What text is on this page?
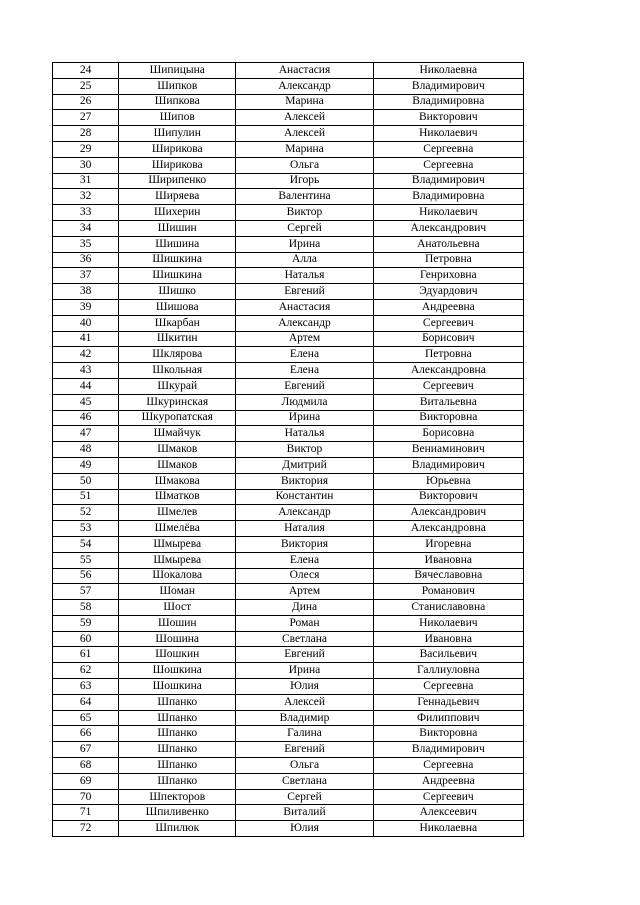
24	Шипицына	Анастасия	Николаевна
25	Шипков	Александр	Владимирович
26	Шипкова	Марина	Владимировна
27	Шипов	Алексей	Викторович
28	Шипулин	Алексей	Николаевич
29	Ширикова	Марина	Сергеевна
30	Ширикова	Ольга	Сергеевна
31	Ширипенко	Игорь	Владимирович
32	Ширяева	Валентина	Владимировна
33	Шихерин	Виктор	Николаевич
34	Шишин	Сергей	Александрович
35	Шишина	Ирина	Анатольевна
36	Шишкина	Алла	Петровна
37	Шишкина	Наталья	Генриховна
38	Шишко	Евгений	Эдуардович
39	Шишова	Анастасия	Андреевна
40	Шкарбан	Александр	Сергеевич
41	Шкитин	Артем	Борисович
42	Шклярова	Елена	Петровна
43	Школьная	Елена	Александровна
44	Шкурай	Евгений	Сергеевич
45	Шкуринская	Людмила	Витальевна
46	Шкуропатская	Ирина	Викторовна
47	Шмайчук	Наталья	Борисовна
48	Шмаков	Виктор	Вениаминович
49	Шмаков	Дмитрий	Владимирович
50	Шмакова	Виктория	Юрьевна
51	Шматков	Константин	Викторович
52	Шмелев	Александр	Александрович
53	Шмелёва	Наталия	Александровна
54	Шмырева	Виктория	Игоревна
55	Шмырева	Елена	Ивановна
56	Шокалова	Олеся	Вячеславовна
57	Шоман	Артем	Романович
58	Шост	Дина	Станиславовна
59	Шошин	Роман	Николаевич
60	Шошина	Светлана	Ивановна
61	Шошкин	Евгений	Васильевич
62	Шошкина	Ирина	Галлиуловна
63	Шошкина	Юлия	Сергеевна
64	Шпанко	Алексей	Геннадьевич
65	Шпанко	Владимир	Филиппович
66	Шпанко	Галина	Викторовна
67	Шпанко	Евгений	Владимирович
68	Шпанко	Ольга	Сергеевна
69	Шпанко	Светлана	Андреевна
70	Шпекторов	Сергей	Сергеевич
71	Шпиливенко	Виталий	Алексеевич
72	Шпилюк	Юлия	Николаевна
